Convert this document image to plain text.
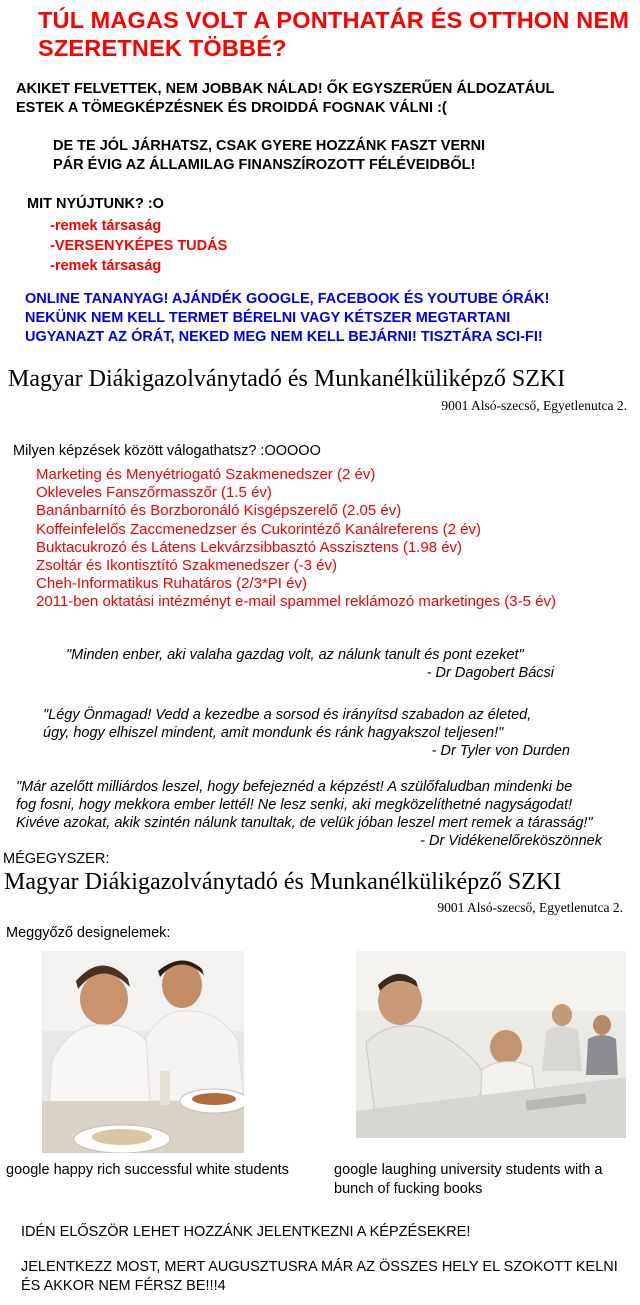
TÚL MAGAS VOLT A PONTHATÁR ÉS OTTHON NEM SZERETNEK TÖBBÉ?
AKIKET FELVETTEK, NEM JOBBAK NÁLAD! ŐK EGYSZERŰEN ÁLDOZATÁUL
ESTEK A TÖMEGKÉPZÉSNEK ÉS DROIDDÁ FOGNAK VÁLNI :(
DE TE JÓL JÁRHATSZ, CSAK GYERE HOZZÁNK FASZT VERNI
PÁR ÉVIG AZ ÁLLAMILAG FINANSZÍROZOTT FÉLÉVEIDBŐL!
MIT NYÚJTUNK? :O
-remek társaság
-VERSENYKÉPES TUDÁS
-remek társaság
ONLINE TANANYAG! AJÁNDÉK GOOGLE, FACEBOOK ÉS YOUTUBE ÓRÁK!
NEKÜNK NEM KELL TERMET BÉRELNI VAGY KÉTSZER MEGTARTANI
UGYANAZT AZ ÓRÁT, NEKED MEG NEM KELL BEJÁRNI! TISZTÁRA SCI-FI!
Magyar Diákigazolványtadó és Munkanélküliképző SZKI
9001 Alsó-szecső, Egyetlenutca 2.
Milyen képzések között válogathatsz? :OOOOO
Marketing és Menyétriogató Szakmenedszer (2 év)
Okleveles Fanszőrmasszőr (1.5 év)
Banánbarnító és Borzboronáló Kisgépszerelő (2.05 év)
Koffeinfelelős Zaccmenedzser és Cukorintéző Kanálreferens (2 év)
Buktacukrozó és Látens Lekvárzsibbasztó Asszisztens (1.98 év)
Zsoltár és Ikontisztító Szakmenedszer (-3 év)
Cheh-Informatikus Ruhatáros (2/3*PI év)
2011-ben oktatási intézményt e-mail spammel reklámozó marketinges (3-5 év)
"Minden enber, aki valaha gazdag volt, az nálunk tanult és pont ezeket"
- Dr Dagobert Bácsi
"Légy Önmagad! Vedd a kezedbe a sorsod és irányítsd szabadon az életed,
úgy, hogy elhiszel mindent, amit mondunk és ránk hagyakszol teljesen!"
- Dr Tyler von Durden
"Már azelőtt milliárdos leszel, hogy befejeznéd a képzést! A szülőfaludban mindenki be
fog fosni, hogy mekkora ember lettél! Ne lesz senki, aki megközelíthetné nagyságodat!
Kivéve azokat, akik szintén nálunk tanultak, de velük jóban leszel mert remek a tárasság!"
- Dr Vidékenelőreköszönnek
MÉGEGYSZER:
Magyar Diákigazolványtadó és Munkanélküliképző SZKI
9001 Alsó-szecső, Egyetlenutca 2.
Meggyőző designelemek:
google happy rich successful white students	google laughing university students with a bunch of fucking books
IDÉN ELŐSZÖR LEHET HOZZÁNK JELENTKEZNI A KÉPZÉSEKRE!
JELENTKEZZ MOST, MERT AUGUSZTUSRA MÁR AZ ÖSSZES HELY EL SZOKOTT KELNI ÉS AKKOR NEM FÉRSZ BE!!!4
